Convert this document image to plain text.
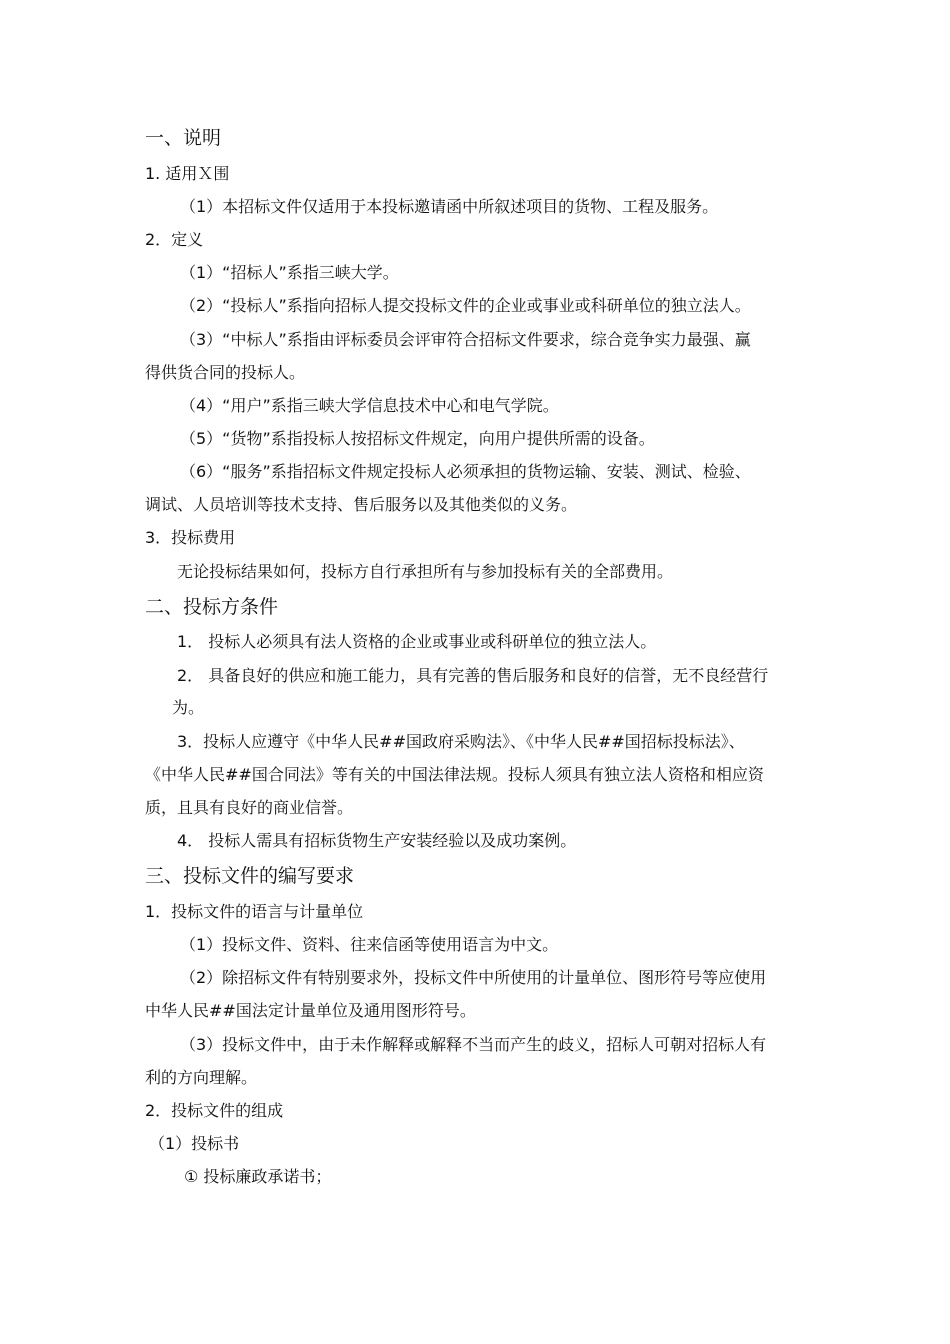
一、说明
1. 适用Ｘ围
（1）本招标文件仅适用于本投标邀请函中所叙述项目的货物、工程及服务。
2．定义
（1）“招标人”系指三峡大学。
（2）“投标人”系指向招标人提交投标文件的企业或事业或科研单位的独立法人。
（3）“中标人”系指由评标委员会评审符合招标文件要求，综合竞争实力最强、赢
得供货合同的投标人。
（4）“用户”系指三峡大学信息技术中心和电气学院。
（5）“货物”系指投标人按招标文件规定，向用户提供所需的设备。
（6）“服务”系指招标文件规定投标人必须承担的货物运输、安装、测试、检验、
调试、人员培训等技术支持、售后服务以及其他类似的义务。
3．投标费用
无论投标结果如何，投标方自行承担所有与参加投标有关的全部费用。
二、投标方条件
1． 投标人必须具有法人资格的企业或事业或科研单位的独立法人。
2． 具备良好的供应和施工能力，具有完善的售后服务和良好的信誉，无不良经营行
为。
3．投标人应遵守《中华人民##国政府采购法》、《中华人民##国招标投标法》、
《中华人民##国合同法》等有关的中国法律法规。投标人须具有独立法人资格和相应资
质，且具有良好的商业信誉。
4． 投标人需具有招标货物生产安装经验以及成功案例。
三、投标文件的编写要求
1．投标文件的语言与计量单位
（1）投标文件、资料、往来信函等使用语言为中文。
（2）除招标文件有特别要求外，投标文件中所使用的计量单位、图形符号等应使用
中华人民##国法定计量单位及通用图形符号。
（3）投标文件中，由于未作解释或解释不当而产生的歧义，招标人可朝对招标人有
利的方向理解。
2．投标文件的组成
（1）投标书
① 投标廉政承诺书；
